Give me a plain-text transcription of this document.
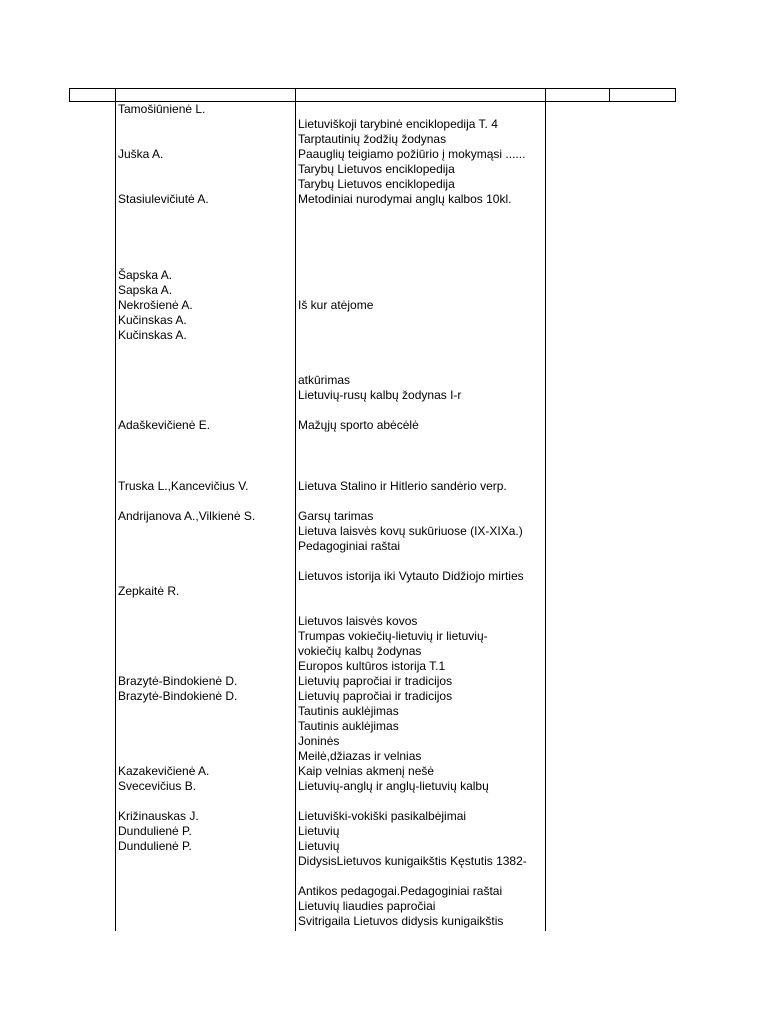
Tamošiūnienė L.
Lietuviškoji tarybinė enciklopedija T. 4
Tarptautinių žodžių žodynas
Juška A.	Paauglių teigiamo požiūrio į mokymąsi ......
Tarybų Lietuvos enciklopedija
Tarybų Lietuvos enciklopedija
Stasiulevičiutė A.	Metodiniai nurodymai anglų kalbos 10kl.
Šapska A.
Sapska A.
Nekrošienė A.	Iš kur atėjome
Kučinskas A.
Kučinskas A.
atkūrimas
Lietuvių-rusų kalbų žodynas I-r
Adaškevičienė E.	Mažųjų sporto abėcėlė
Truska L.,Kancevičius V.	Lietuva Stalino ir Hitlerio sandėrio verp.
Andrijanova A.,Vilkienė S.	Garsų tarimas
Lietuva laisvės kovų sukūriuose (IX-XIXa.)
Pedagoginiai raštai
Lietuvos istorija iki Vytauto Didžiojo mirties
Zepkaitė R.
Lietuvos laisvės kovos
Trumpas vokiečių-lietuvių ir lietuvių-
vokiečių kalbų žodynas
Europos kultūros istorija T.1
Brazytė-Bindokienė D.	Lietuvių papročiai ir tradicijos
Brazytė-Bindokienė D.	Lietuvių papročiai ir tradicijos
Tautinis auklėjimas
Tautinis auklėjimas
Joninės
Meilė,džiazas ir velnias
Kazakevičienė A.	Kaip velnias akmenį nešė
Svecevičius B.	Lietuvių-anglų ir anglų-lietuvių kalbų
Križinauskas J.	Lietuviški-vokiški pasikalbėjimai
Dundulienė P.	Lietuvių
Dundulienė P.	Lietuvių
DidysisLietuvos kunigaikštis Kęstutis 1382-
Antikos pedagogai.Pedagoginiai raštai
Lietuvių liaudies papročiai
Svitrigaila Lietuvos didysis kunigaikštis
